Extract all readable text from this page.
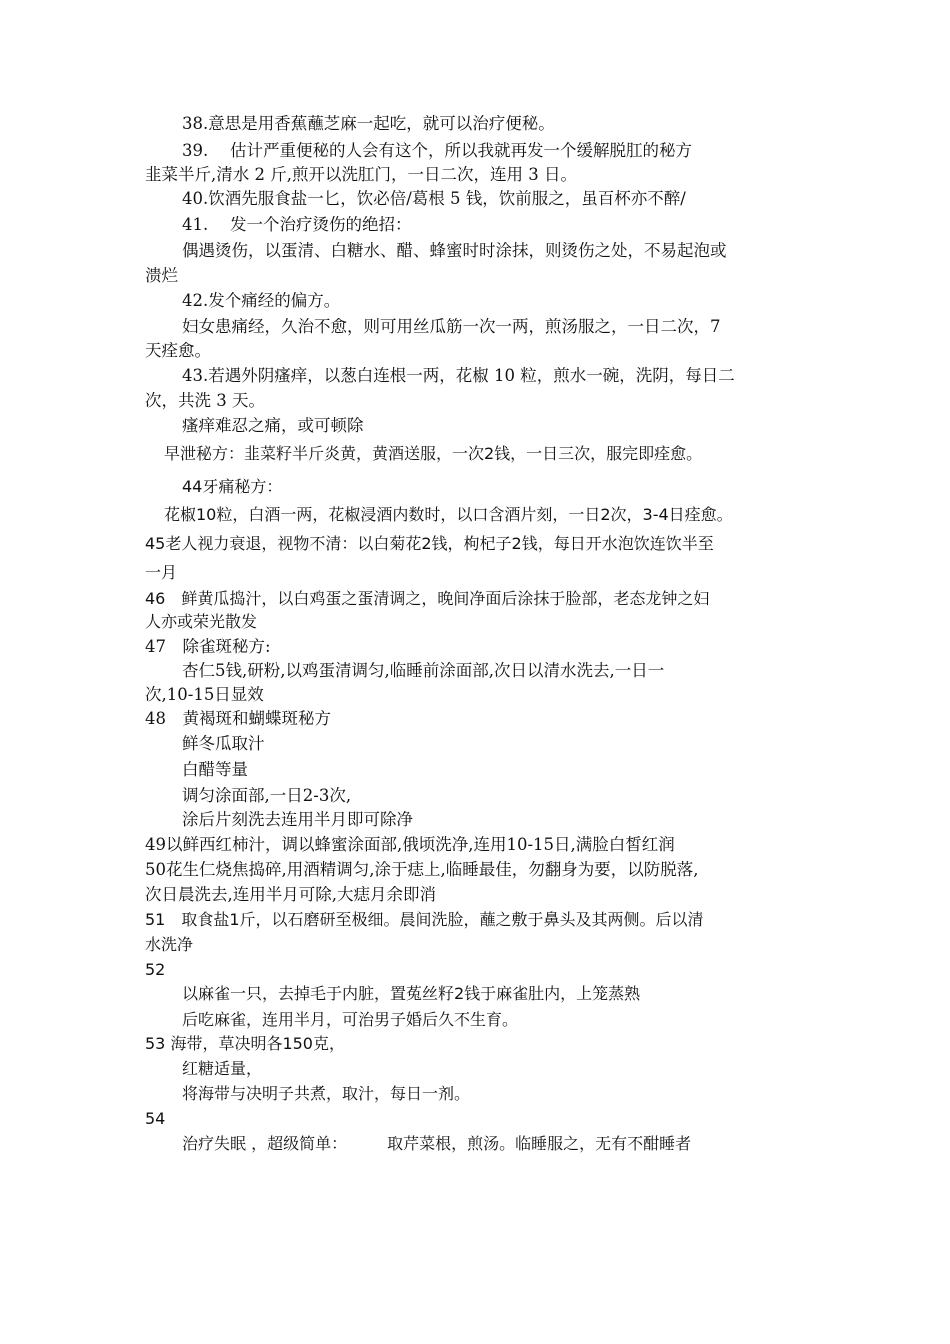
38.意思是用香蕉蘸芝麻一起吃，就可以治疗便秘。
39.　 估计严重便秘的人会有这个，所以我就再发一个缓解脱肛的秘方
韭菜半斤,清水 2 斤,煎开以洗肛门，一日二次，连用 3 日。
40.饮酒先服食盐一匕，饮必倍/葛根 5 钱，饮前服之，虽百杯亦不醉/
41.　 发一个治疗烫伤的绝招：
偶遇烫伤，以蛋清、白糖水、醋、蜂蜜时时涂抹，则烫伤之处，不易起泡或
溃烂
42.发个痛经的偏方。
妇女患痛经，久治不愈，则可用丝瓜筋一次一两，煎汤服之，一日二次，7
天痊愈。
43.若遇外阴瘙痒，以葱白连根一两，花椒 10 粒，煎水一碗，洗阴，每日二
次，共洗 3 天。
瘙痒难忍之痛，或可顿除
早泄秘方：韭菜籽半斤炎黄，黄酒送服，一次2钱，一日三次，服完即痊愈。
44牙痛秘方：
花椒10粒，白酒一两，花椒浸酒内数时，以口含酒片刻，一日2次，3-4日痊愈。
45老人视力衰退，视物不清：以白菊花2钱，枸杞子2钱，每日开水泡饮连饮半至
一月
46　鲜黄瓜捣汁，以白鸡蛋之蛋清调之，晚间净面后涂抹于脸部，老态龙钟之妇
人亦或荣光散发
47　除雀斑秘方:
杏仁5钱,研粉,以鸡蛋清调匀,临睡前涂面部,次日以清水洗去,一日一
次,10-15日显效
48　黄褐斑和蝴蝶斑秘方
鲜冬瓜取汁
白醋等量
调匀涂面部,一日2-3次,
涂后片刻洗去连用半月即可除净
49以鲜西红柿汁，调以蜂蜜涂面部,俄顷洗净,连用10-15日,满脸白皙红润
50花生仁烧焦捣碎,用酒精调匀,涂于痣上,临睡最佳，勿翻身为要，以防脱落,
次日晨洗去,连用半月可除,大痣月余即消
51　取食盐1斤，以石磨研至极细。晨间洗脸，蘸之敷于鼻头及其两侧。后以清
水洗净
52
以麻雀一只，去掉毛于内脏，置菟丝籽2钱于麻雀肚内，上笼蒸熟
后吃麻雀，连用半月，可治男子婚后久不生育。
53 海带，草决明各150克，
红糖适量，
将海带与决明子共煮，取汁，每日一剂。
54
治疗失眠 ，超级简单：　　　取芹菜根，煎汤。临睡服之，无有不酣睡者
